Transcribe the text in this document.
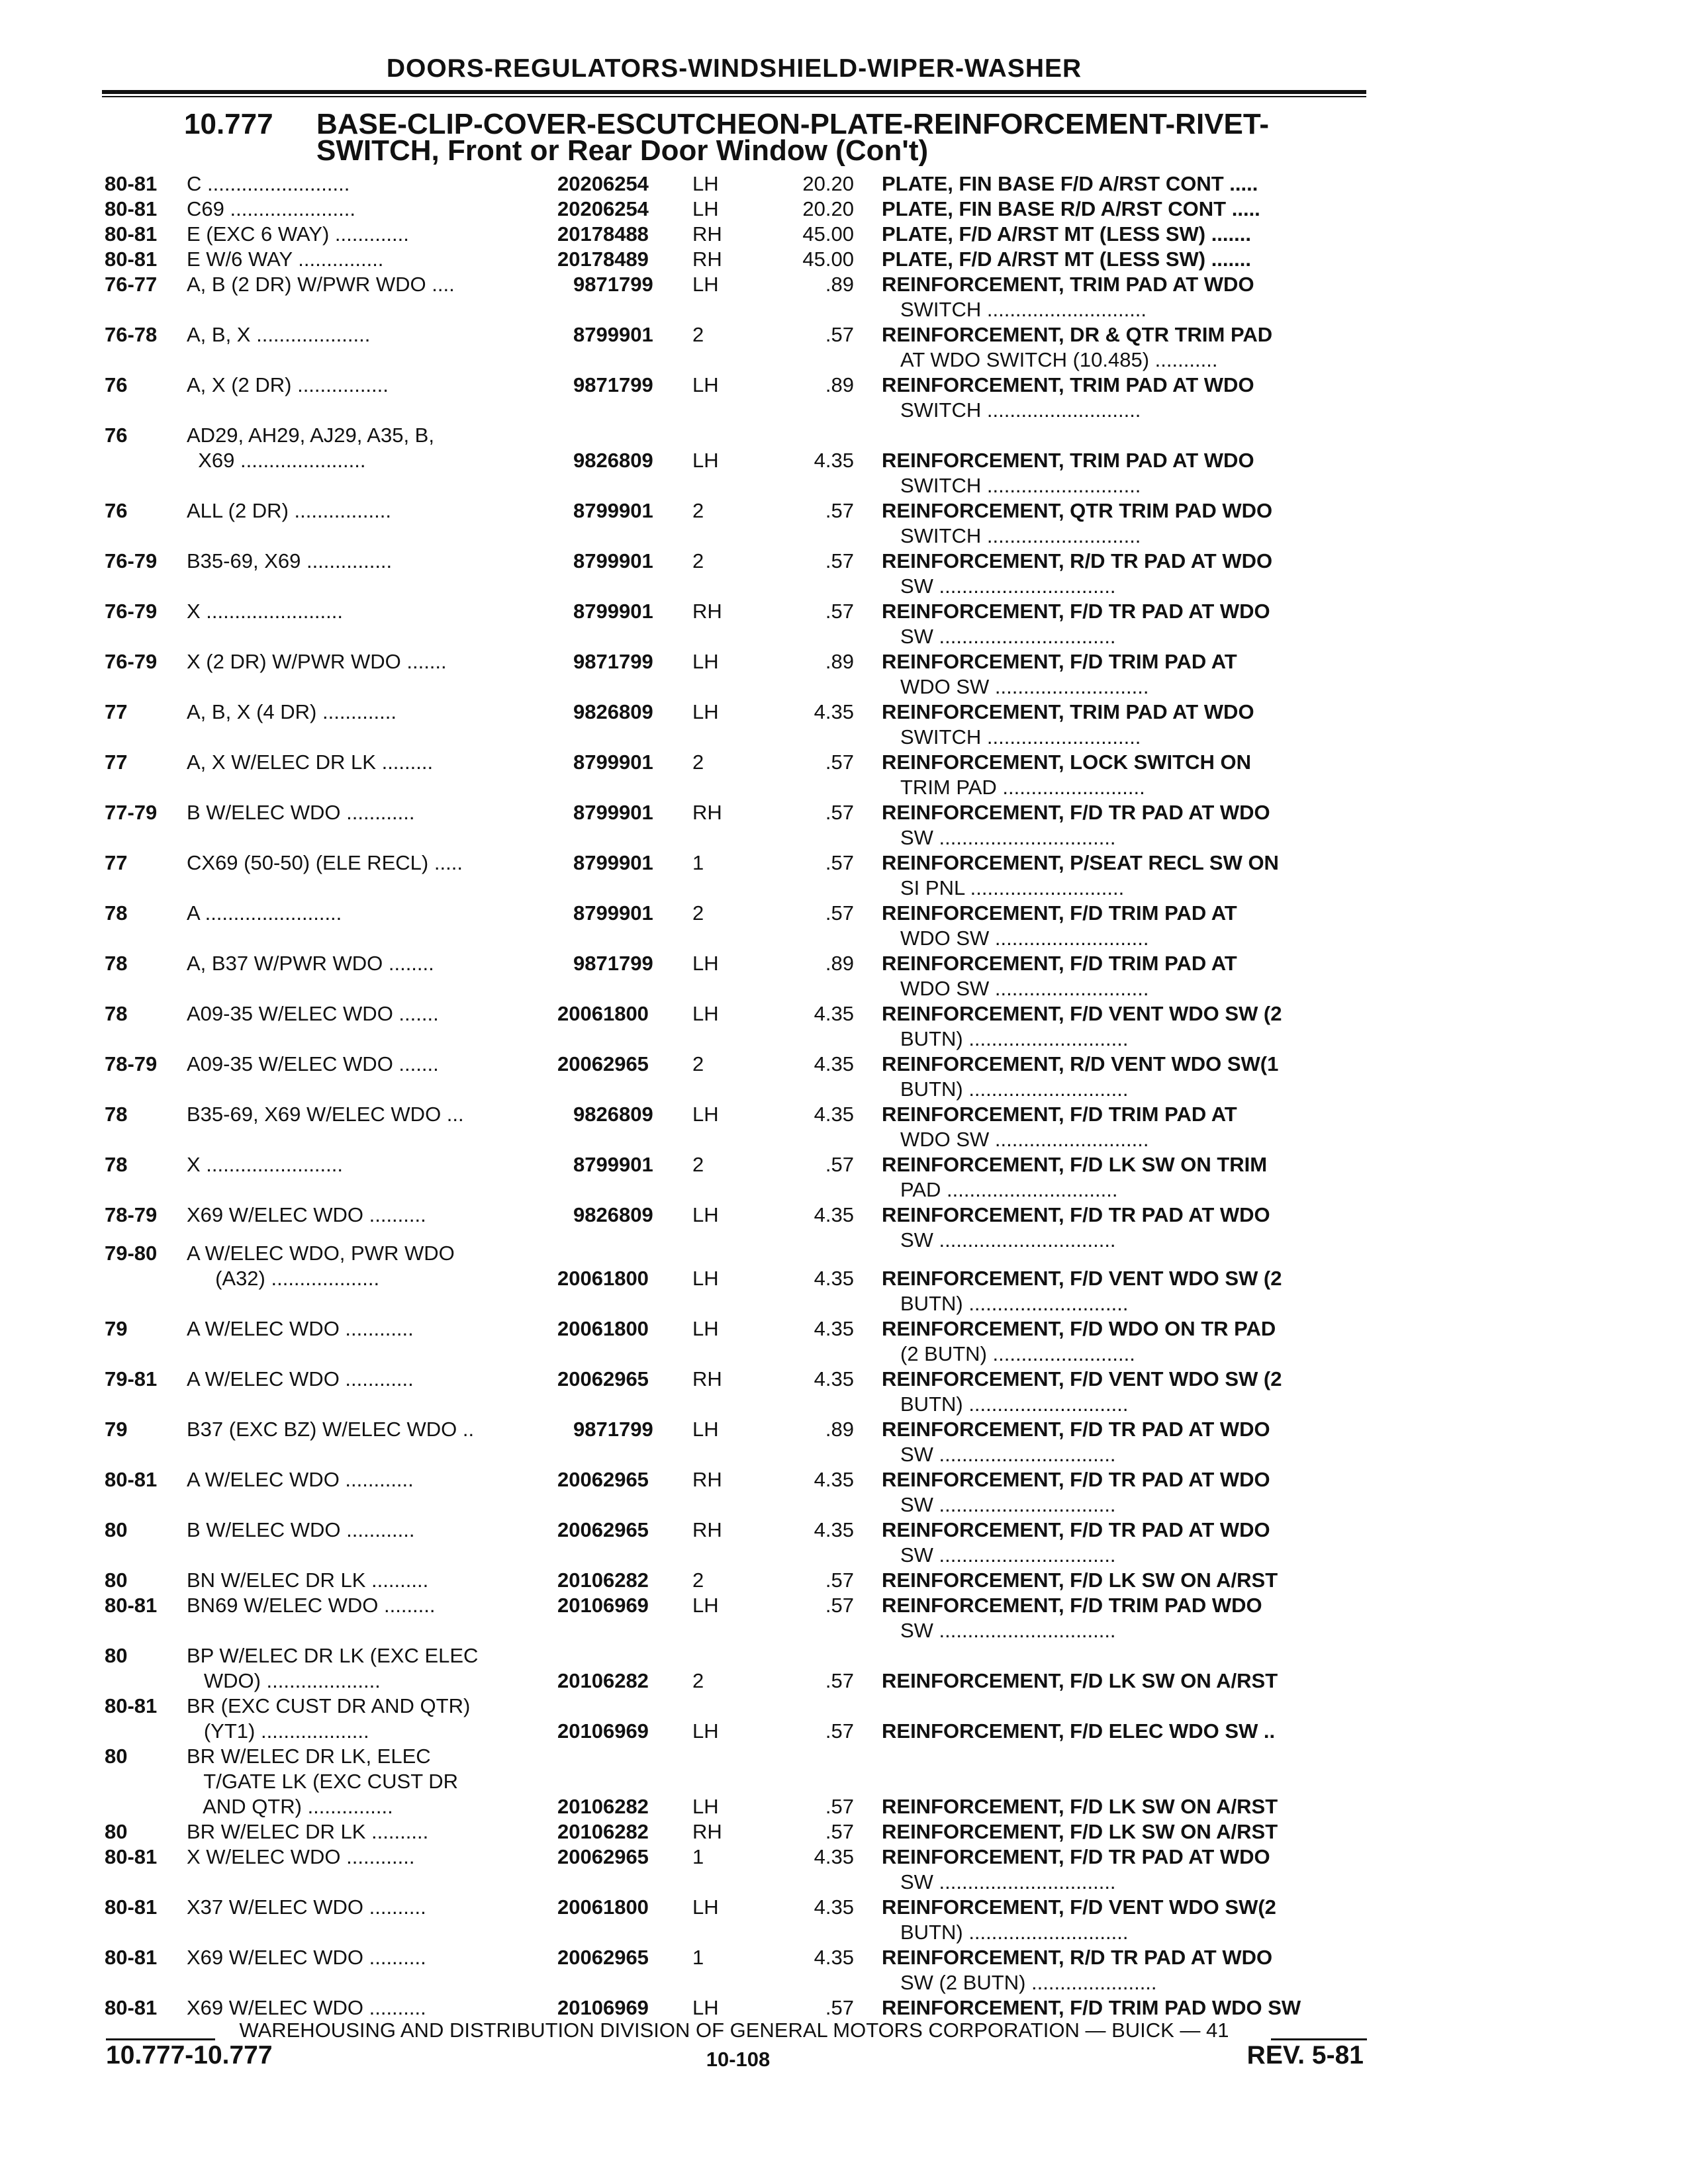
DOORS-REGULATORS-WINDSHIELD-WIPER-WASHER
10.777 BASE-CLIP-COVER-ESCUTCHEON-PLATE-REINFORCEMENT-RIVET-
SWITCH, Front or Rear Door Window (Con't)
80-81 C .........................	20206254 LH	20.20 PLATE, FIN BASE F/D A/RST CONT .....
80-81 C69 ......................	20206254 LH	20.20 PLATE, FIN BASE R/D A/RST CONT .....
80-81 E (EXC 6 WAY) .............	20178488 RH	45.00 PLATE, F/D A/RST MT (LESS SW) .......
80-81 E W/6 WAY ...............	20178489 RH	45.00 PLATE, F/D A/RST MT (LESS SW) .......
76-77 A, B (2 DR) W/PWR WDO ....	9871799 LH	.89 REINFORCEMENT, TRIM PAD AT WDO
SWITCH ............................
76-78 A, B, X ....................	8799901 2	.57 REINFORCEMENT, DR & QTR TRIM PAD
AT WDO SWITCH (10.485) ...........
76	A, X (2 DR) ................	9871799 LH	.89 REINFORCEMENT, TRIM PAD AT WDO
SWITCH ...........................
76	AD29, AH29, AJ29, A35, B,
X69 ......................	9826809 LH	4.35 REINFORCEMENT, TRIM PAD AT WDO
SWITCH ...........................
76	ALL (2 DR) .................	8799901 2	.57 REINFORCEMENT, QTR TRIM PAD WDO
SWITCH ...........................
76-79 B35-69, X69 ...............	8799901 2	.57 REINFORCEMENT, R/D TR PAD AT WDO
SW ...............................
76-79 X ........................	8799901 RH	.57 REINFORCEMENT, F/D TR PAD AT WDO
SW ...............................
76-79 X (2 DR) W/PWR WDO .......	9871799 LH	.89 REINFORCEMENT, F/D TRIM PAD AT
WDO SW ...........................
77	A, B, X (4 DR) .............	9826809 LH	4.35 REINFORCEMENT, TRIM PAD AT WDO
SWITCH ...........................
77	A, X W/ELEC DR LK .........	8799901 2	.57 REINFORCEMENT, LOCK SWITCH ON
TRIM PAD .........................
77-79 B W/ELEC WDO ............	8799901 RH	.57 REINFORCEMENT, F/D TR PAD AT WDO
SW ...............................
77	CX69 (50-50) (ELE RECL) .....	8799901 1	.57 REINFORCEMENT, P/SEAT RECL SW ON
SI PNL ...........................
78	A ........................	8799901 2	.57 REINFORCEMENT, F/D TRIM PAD AT
WDO SW ...........................
78	A, B37 W/PWR WDO ........	9871799 LH	.89 REINFORCEMENT, F/D TRIM PAD AT
WDO SW ...........................
78	A09-35 W/ELEC WDO .......	20061800 LH	4.35 REINFORCEMENT, F/D VENT WDO SW (2
BUTN) ............................
78-79 A09-35 W/ELEC WDO .......	20062965 2	4.35 REINFORCEMENT, R/D VENT WDO SW(1
BUTN) ............................
78	B35-69, X69 W/ELEC WDO ...	9826809 LH	4.35 REINFORCEMENT, F/D TRIM PAD AT
WDO SW ...........................
78	X ........................	8799901 2	.57 REINFORCEMENT, F/D LK SW ON TRIM
PAD ..............................
78-79 X69 W/ELEC WDO ..........	9826809 LH	4.35 REINFORCEMENT, F/D TR PAD AT WDO
SW ...............................
79-80 A W/ELEC WDO, PWR WDO
(A32) ...................	20061800 LH	4.35 REINFORCEMENT, F/D VENT WDO SW (2
BUTN) ............................
79	A W/ELEC WDO ............	20061800 LH	4.35 REINFORCEMENT, F/D WDO ON TR PAD
(2 BUTN) .........................
79-81 A W/ELEC WDO ............	20062965 RH	4.35 REINFORCEMENT, F/D VENT WDO SW (2
BUTN) ............................
79	B37 (EXC BZ) W/ELEC WDO ..	9871799 LH	.89 REINFORCEMENT, F/D TR PAD AT WDO
SW ...............................
80-81 A W/ELEC WDO ............	20062965 RH	4.35 REINFORCEMENT, F/D TR PAD AT WDO
SW ...............................
80	B W/ELEC WDO ............	20062965 RH	4.35 REINFORCEMENT, F/D TR PAD AT WDO
SW ...............................
80	BN W/ELEC DR LK ..........	20106282 2	.57 REINFORCEMENT, F/D LK SW ON A/RST
80-81 BN69 W/ELEC WDO .........	20106969 LH	.57 REINFORCEMENT, F/D TRIM PAD WDO
SW ...............................
80	BP W/ELEC DR LK (EXC ELEC
WDO) ....................	20106282 2	.57 REINFORCEMENT, F/D LK SW ON A/RST
80-81 BR (EXC CUST DR AND QTR)
(YT1) ...................	20106969 LH	.57 REINFORCEMENT, F/D ELEC WDO SW ..
80	BR W/ELEC DR LK, ELEC
T/GATE LK (EXC CUST DR
AND QTR) ...............	20106282 LH	.57 REINFORCEMENT, F/D LK SW ON A/RST
80	BR W/ELEC DR LK ..........	20106282 RH	.57 REINFORCEMENT, F/D LK SW ON A/RST
80-81 X W/ELEC WDO ............	20062965 1	4.35 REINFORCEMENT, F/D TR PAD AT WDO
SW ...............................
80-81 X37 W/ELEC WDO ..........	20061800 LH	4.35 REINFORCEMENT, F/D VENT WDO SW(2
BUTN) ............................
80-81 X69 W/ELEC WDO ..........	20062965 1	4.35 REINFORCEMENT, R/D TR PAD AT WDO
SW (2 BUTN) ......................
80-81 X69 W/ELEC WDO ..........	20106969 LH	.57 REINFORCEMENT, F/D TRIM PAD WDO SW
WAREHOUSING AND DISTRIBUTION DIVISION OF GENERAL MOTORS CORPORATION — BUICK — 41
10.777-10.777	10-108	REV. 5-81
